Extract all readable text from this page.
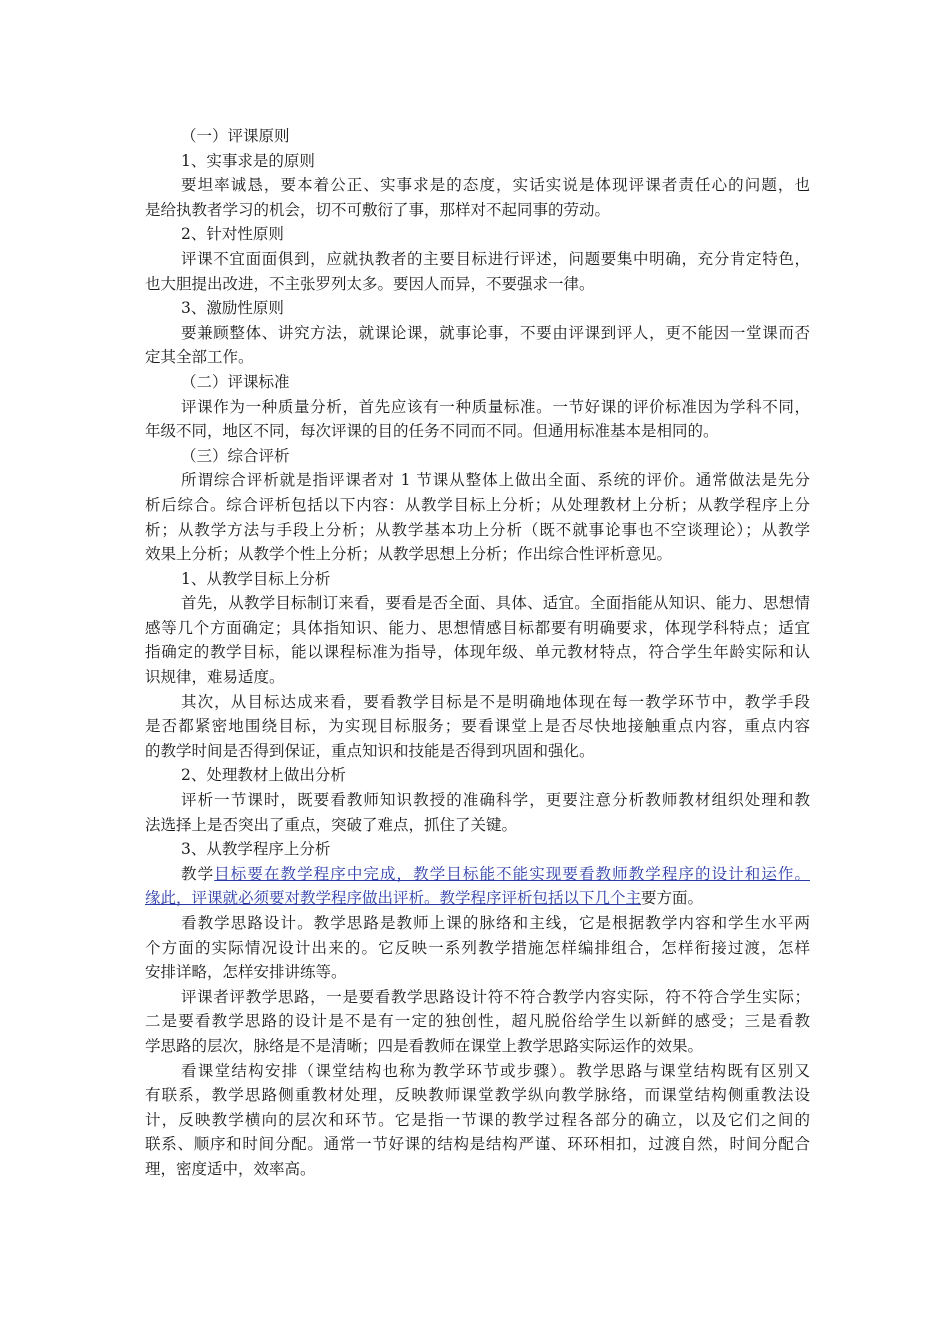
（一）评课原则

1、实事求是的原则

要坦率诚恳，要本着公正、实事求是的态度，实话实说是体现评课者责任心的问题，也

是给执教者学习的机会，切不可敷衍了事，那样对不起同事的劳动。

2、针对性原则

评课不宜面面俱到，应就执教者的主要目标进行评述，问题要集中明确，充分肯定特色，

也大胆提出改进，不主张罗列太多。要因人而异，不要强求一律。

3、激励性原则

要兼顾整体、讲究方法，就课论课，就事论事，不要由评课到评人，更不能因一堂课而否

定其全部工作。

（二）评课标准

评课作为一种质量分析，首先应该有一种质量标准。一节好课的评价标准因为学科不同，

年级不同，地区不同，每次评课的目的任务不同而不同。但通用标准基本是相同的。

（三）综合评析

所谓综合评析就是指评课者对 1 节课从整体上做出全面、系统的评价。通常做法是先分

析后综合。综合评析包括以下内容：从教学目标上分析；从处理教材上分析；从教学程序上分

析；从教学方法与手段上分析；从教学基本功上分析（既不就事论事也不空谈理论）；从教学

效果上分析；从教学个性上分析；从教学思想上分析；作出综合性评析意见。

1、从教学目标上分析

首先，从教学目标制订来看，要看是否全面、具体、适宜。全面指能从知识、能力、思想情

感等几个方面确定；具体指知识、能力、思想情感目标都要有明确要求，体现学科特点；适宜

指确定的教学目标，能以课程标准为指导，体现年级、单元教材特点，符合学生年龄实际和认

识规律，难易适度。

其次，从目标达成来看，要看教学目标是不是明确地体现在每一教学环节中，教学手段

是否都紧密地围绕目标，为实现目标服务；要看课堂上是否尽快地接触重点内容，重点内容

的教学时间是否得到保证，重点知识和技能是否得到巩固和强化。

2、处理教材上做出分析

评析一节课时，既要看教师知识教授的准确科学，更要注意分析教师教材组织处理和教

法选择上是否突出了重点，突破了难点，抓住了关键。

3、从教学程序上分析

教学目标要在教学程序中完成，教学目标能不能实现要看教师教学程序的设计和运作。

缘此，评课就必须要对教学程序做出评析。教学程序评析包括以下几个主要方面。

看教学思路设计。教学思路是教师上课的脉络和主线，它是根据教学内容和学生水平两

个方面的实际情况设计出来的。它反映一系列教学措施怎样编排组合，怎样衔接过渡，怎样

安排详略，怎样安排讲练等。

评课者评教学思路，一是要看教学思路设计符不符合教学内容实际，符不符合学生实际；

二是要看教学思路的设计是不是有一定的独创性，超凡脱俗给学生以新鲜的感受；三是看教

学思路的层次，脉络是不是清晰；四是看教师在课堂上教学思路实际运作的效果。

看课堂结构安排（课堂结构也称为教学环节或步骤）。教学思路与课堂结构既有区别又

有联系，教学思路侧重教材处理，反映教师课堂教学纵向教学脉络，而课堂结构侧重教法设

计，反映教学横向的层次和环节。它是指一节课的教学过程各部分的确立，以及它们之间的

联系、顺序和时间分配。通常一节好课的结构是结构严谨、环环相扣，过渡自然，时间分配合

理，密度适中，效率高。
